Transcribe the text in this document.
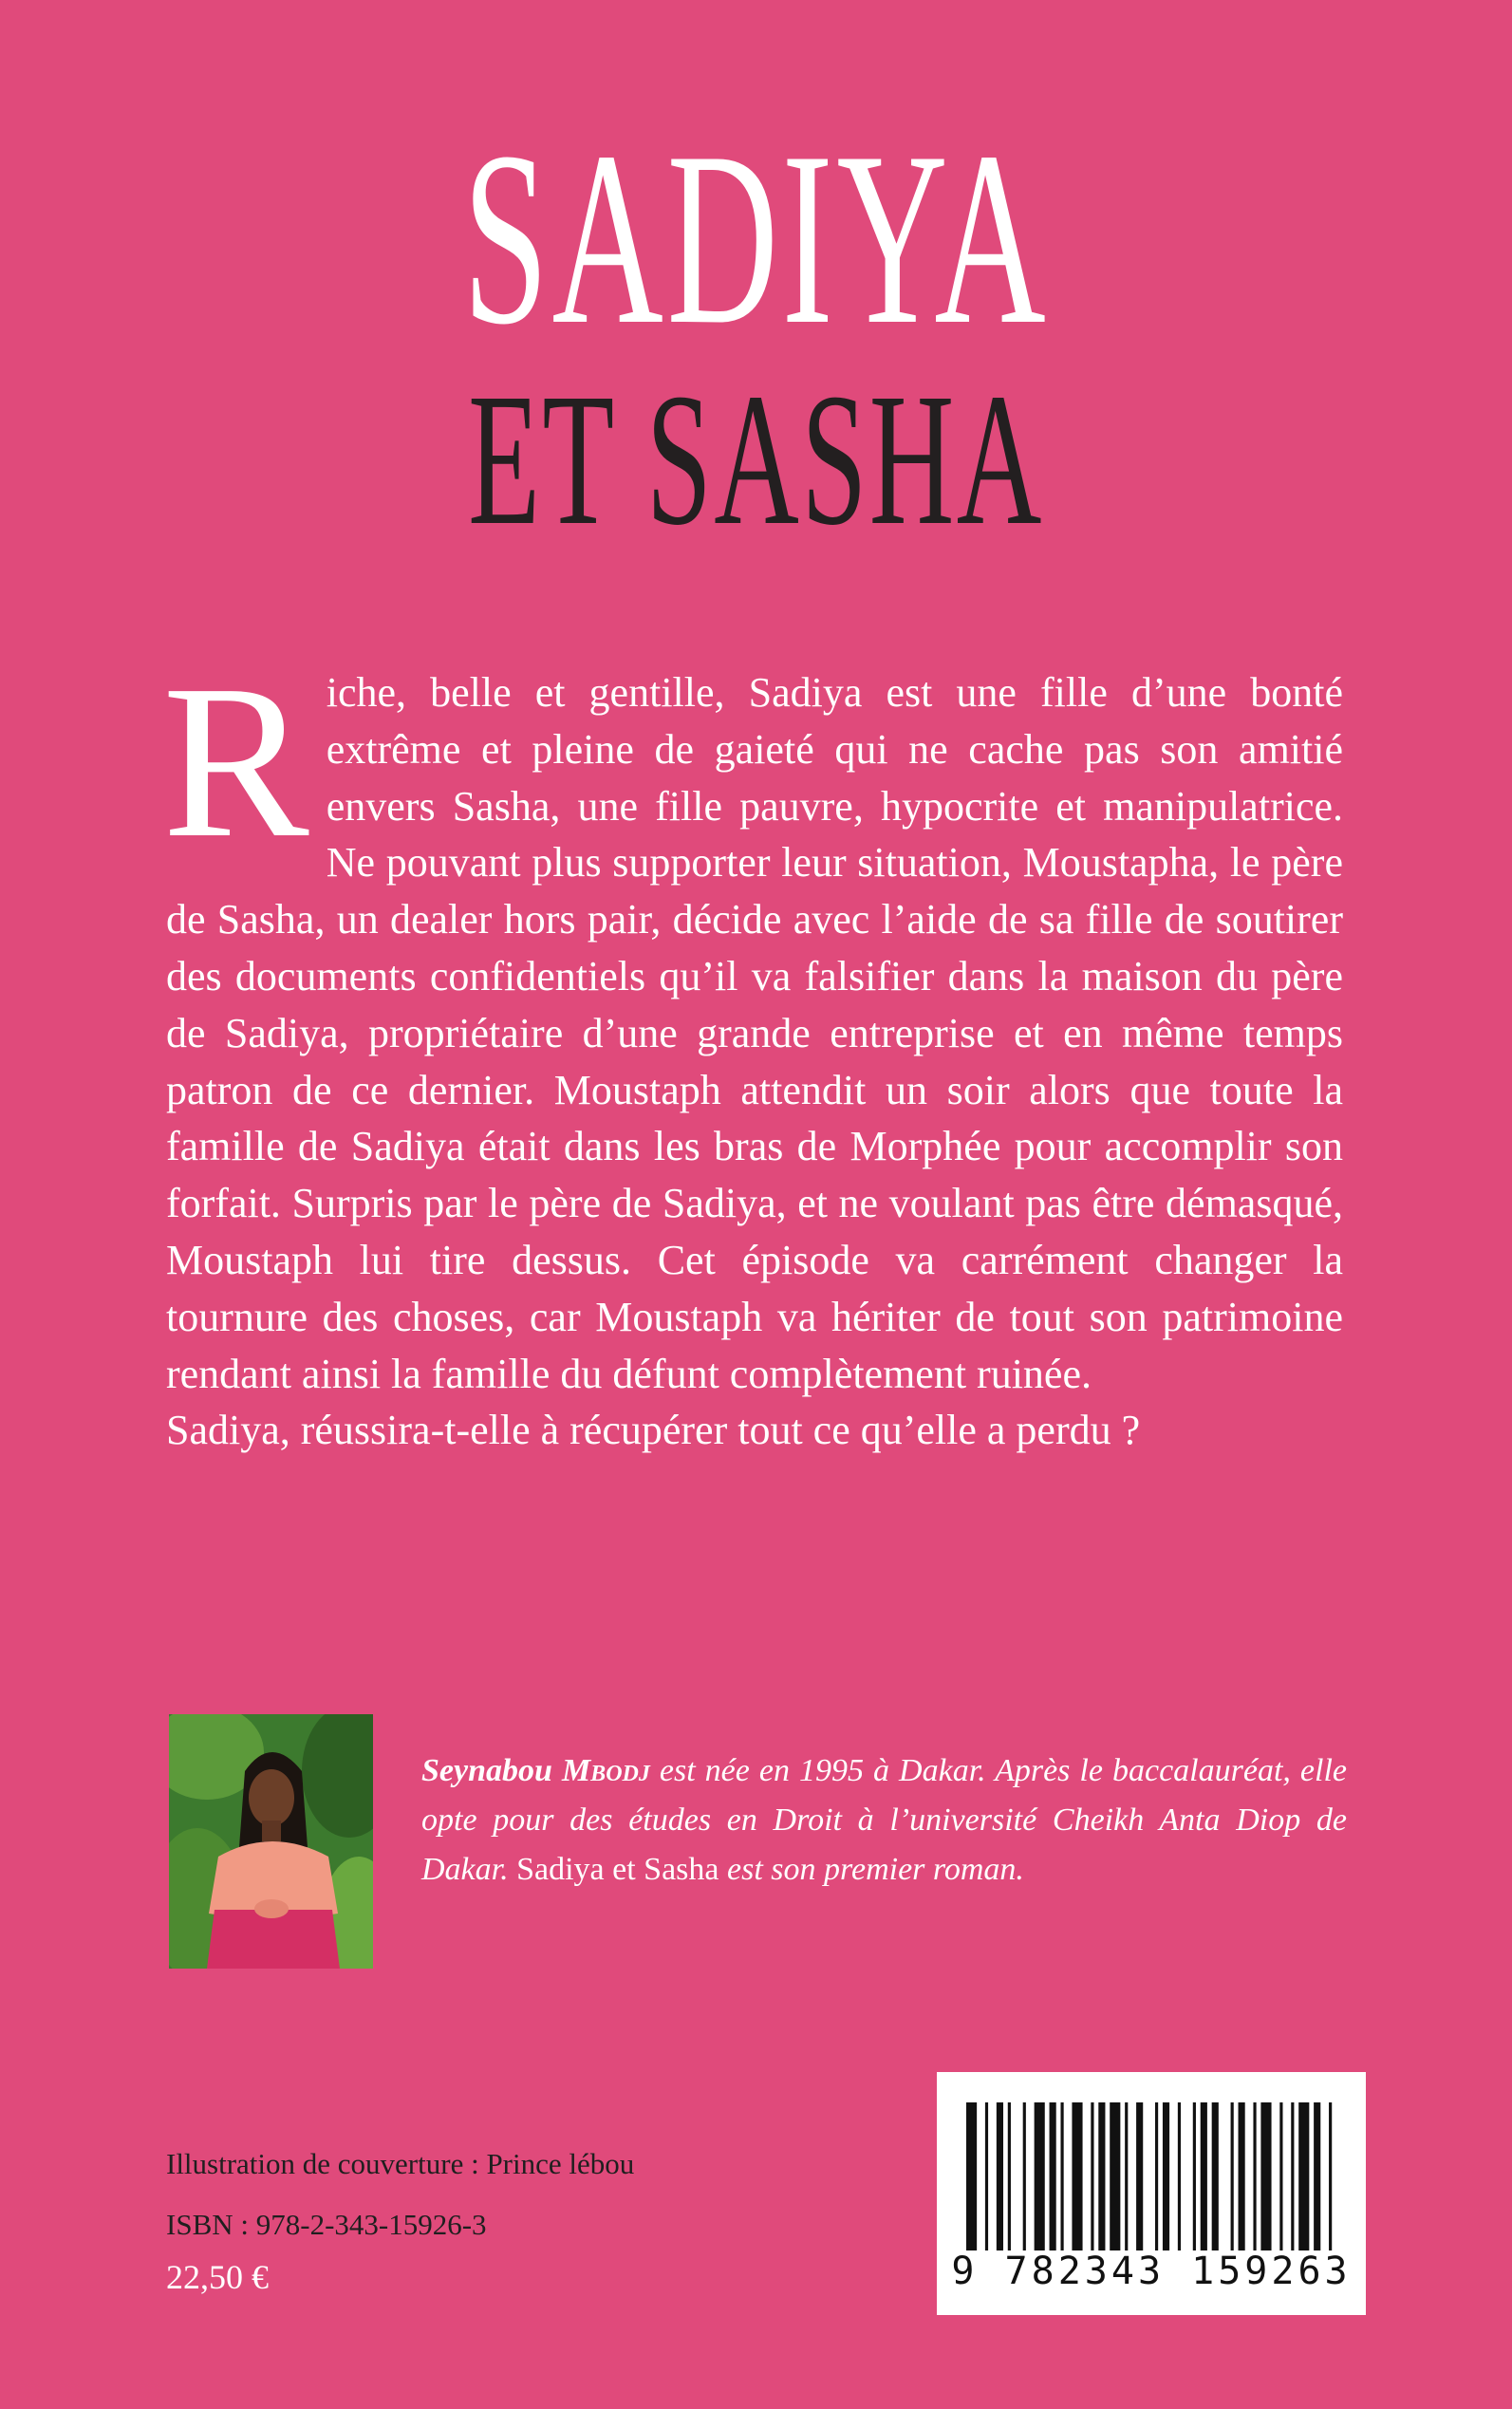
SADIYA
ET SASHA

Riche, belle et gentille, Sadiya est une fille d’une bonté extrême et pleine de gaieté qui ne cache pas son amitié envers Sasha, une fille pauvre, hypocrite et manipulatrice. Ne pouvant plus supporter leur situation, Moustapha, le père de Sasha, un dealer hors pair, décide avec l’aide de sa fille de soutirer des documents confidentiels qu’il va falsifier dans la maison du père de Sadiya, propriétaire d’une grande entreprise et en même temps patron de ce dernier. Moustaph attendit un soir alors que toute la famille de Sadiya était dans les bras de Morphée pour accomplir son forfait. Surpris par le père de Sadiya, et ne voulant pas être démasqué, Moustaph lui tire dessus. Cet épisode va carrément changer la tournure des choses, car Moustaph va hériter de tout son patrimoine rendant ainsi la famille du défunt complètement ruinée.
Sadiya, réussira-t-elle à récupérer tout ce qu’elle a perdu ?

Seynabou Mbodj est née en 1995 à Dakar. Après le baccalauréat, elle opte pour des études en Droit à l’université Cheikh Anta Diop de Dakar. Sadiya et Sasha est son premier roman.

Illustration de couverture : Prince lébou

ISBN : 978-2-343-15926-3

22,50 €	9 782343 159263
